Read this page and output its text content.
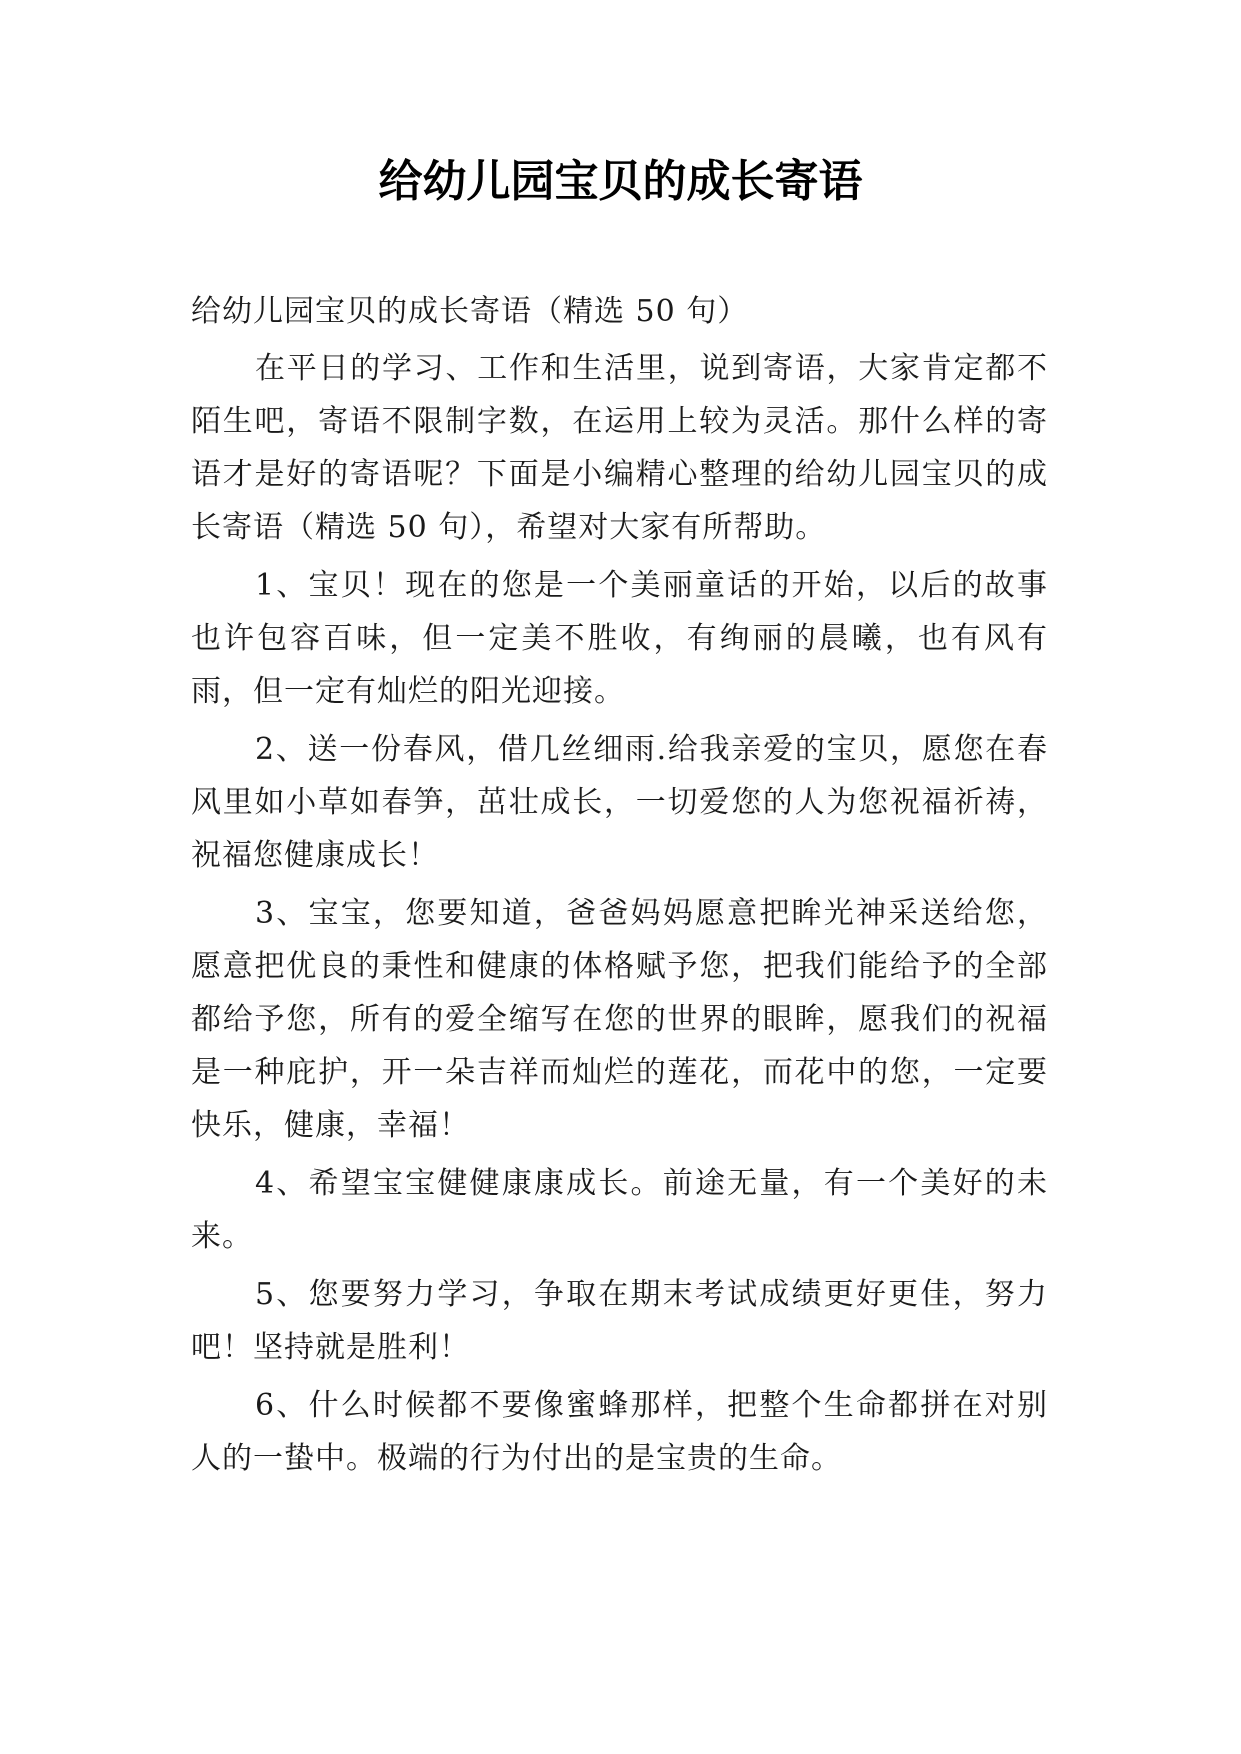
给幼儿园宝贝的成长寄语

给幼儿园宝贝的成长寄语（精选 50 句）

在平日的学习、工作和生活里，说到寄语，大家肯定都不陌生吧，寄语不限制字数，在运用上较为灵活。那什么样的寄语才是好的寄语呢？下面是小编精心整理的给幼儿园宝贝的成长寄语（精选 50 句），希望对大家有所帮助。

1、宝贝！现在的您是一个美丽童话的开始，以后的故事也许包容百味，但一定美不胜收，有绚丽的晨曦，也有风有雨，但一定有灿烂的阳光迎接。

2、送一份春风，借几丝细雨.给我亲爱的宝贝，愿您在春风里如小草如春笋，茁壮成长，一切爱您的人为您祝福祈祷，祝福您健康成长！

3、宝宝，您要知道，爸爸妈妈愿意把眸光神采送给您，愿意把优良的秉性和健康的体格赋予您，把我们能给予的全部都给予您，所有的爱全缩写在您的世界的眼眸，愿我们的祝福是一种庇护，开一朵吉祥而灿烂的莲花，而花中的您，一定要快乐，健康，幸福！

4、希望宝宝健健康康成长。前途无量，有一个美好的未来。

5、您要努力学习，争取在期末考试成绩更好更佳，努力吧！坚持就是胜利！

6、什么时候都不要像蜜蜂那样，把整个生命都拼在对别人的一蛰中。极端的行为付出的是宝贵的生命。
